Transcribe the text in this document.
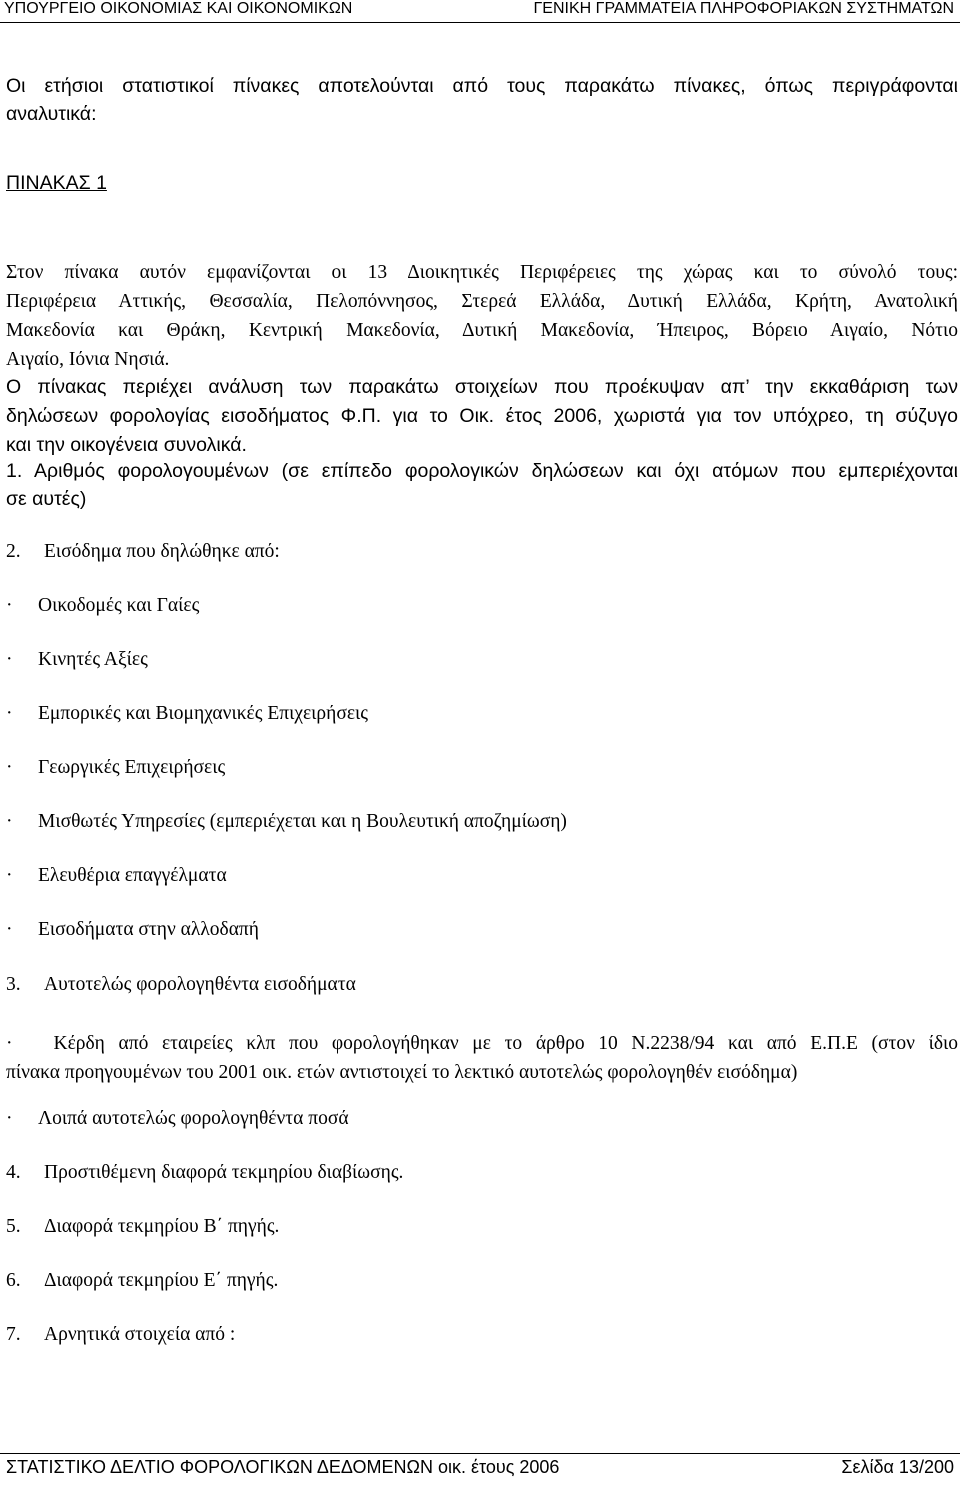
ΥΠΟΥΡΓΕΙΟ ΟΙΚΟΝΟΜΙΑΣ ΚΑΙ ΟΙΚΟΝΟΜΙΚΩΝ	ΓΕΝΙΚΗ ΓΡΑΜΜΑΤΕΙΑ ΠΛΗΡΟΦΟΡΙΑΚΩΝ ΣΥΣΤΗΜΑΤΩΝ
Οι ετήσιοι στατιστικοί πίνακες αποτελούνται από τους παρακάτω πίνακες, όπως περιγράφονται
αναλυτικά:
ΠΙΝΑΚΑΣ 1
Στον πίνακα αυτόν εμφανίζονται οι 13 Διοικητικές Περιφέρειες της χώρας και το σύνολό τους:
Περιφέρεια Αττικής, Θεσσαλία, Πελοπόννησος, Στερεά Ελλάδα, Δυτική Ελλάδα, Κρήτη, Ανατολική
Μακεδονία και Θράκη, Κεντρική Μακεδονία, Δυτική Μακεδονία, Ήπειρος, Βόρειο Αιγαίο, Νότιο
Αιγαίο, Ιόνια Νησιά.
Ο πίνακας περιέχει ανάλυση των παρακάτω στοιχείων που προέκυψαν απ’ την εκκαθάριση των
δηλώσεων φορολογίας εισοδήματος Φ.Π. για το Οικ. έτος 2006, χωριστά για τον υπόχρεο, τη σύζυγο
και την οικογένεια συνολικά.
1. Αριθμός φορολογουμένων (σε επίπεδο φορολογικών δηλώσεων και όχι ατόμων που εμπεριέχονται
σε αυτές)
2. Εισόδημα που δηλώθηκε από:
· Οικοδομές και Γαίες
· Κινητές Αξίες
· Εμπορικές και Βιομηχανικές Επιχειρήσεις
· Γεωργικές Επιχειρήσεις
· Μισθωτές Υπηρεσίες (εμπεριέχεται και η Βουλευτική αποζημίωση)
· Ελευθέρια επαγγέλματα
· Εισοδήματα στην αλλοδαπή
3. Αυτοτελώς φορολογηθέντα εισοδήματα
· Κέρδη από εταιρείες κλπ που φορολογήθηκαν με το άρθρο 10 Ν.2238/94 και από Ε.Π.Ε (στον ίδιο
πίνακα προηγουμένων του 2001 οικ. ετών αντιστοιχεί το λεκτικό αυτοτελώς φορολογηθέν εισόδημα)
· Λοιπά αυτοτελώς φορολογηθέντα ποσά
4. Προστιθέμενη διαφορά τεκμηρίου διαβίωσης.
5. Διαφορά τεκμηρίου Β΄ πηγής.
6. Διαφορά τεκμηρίου Ε΄ πηγής.
7. Αρνητικά στοιχεία από :
ΣΤΑΤΙΣΤΙΚΟ ΔΕΛΤΙΟ ΦΟΡΟΛΟΓΙΚΩΝ ΔΕΔΟΜΕΝΩΝ οικ. έτους 2006	Σελίδα 13/200
